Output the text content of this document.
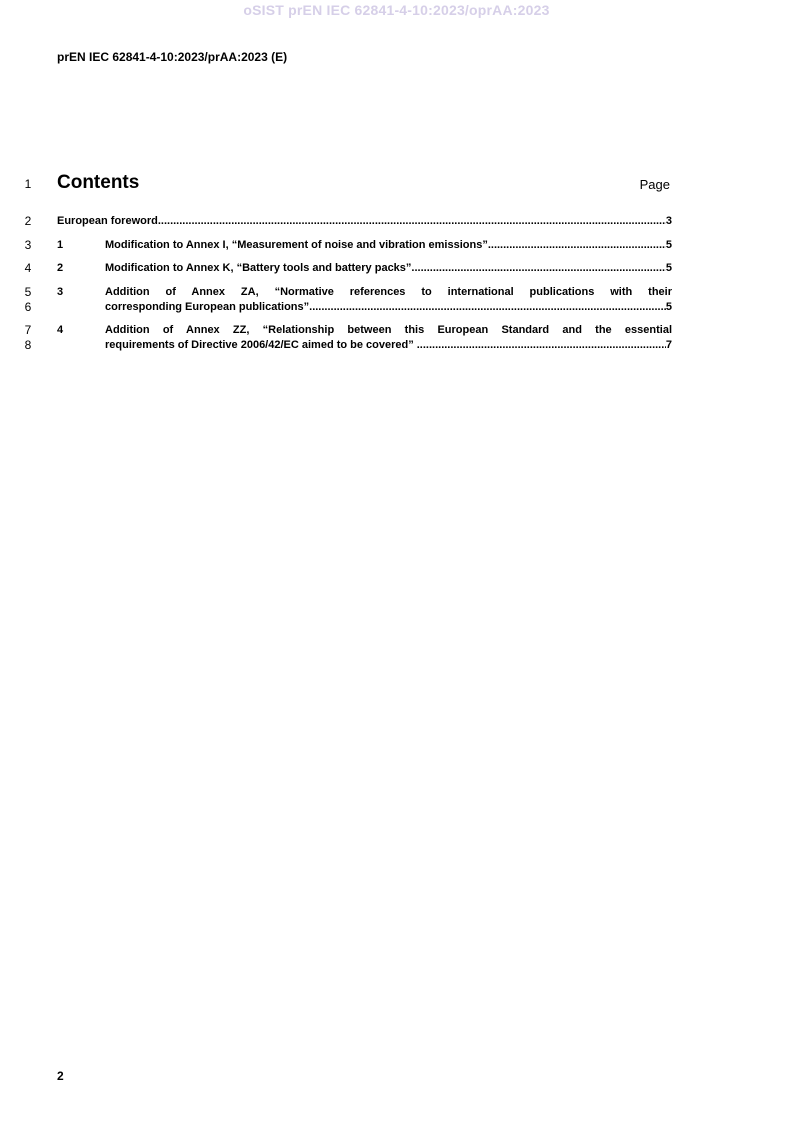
oSIST prEN IEC 62841-4-10:2023/oprAA:2023
prEN IEC 62841-4-10:2023/prAA:2023 (E)
1 Contents	Page
2	European foreword .....	3
3	1	Modification to Annex I, “Measurement of noise and vibration emissions” .....	5
4	2	Modification to Annex K, “Battery tools and battery packs” .....	5
5
6
3	Addition of Annex ZA, “Normative references to international publications with their
corresponding European publications” .....	5
7
8
4	Addition of Annex ZZ, “Relationship between this European Standard and the essential
requirements of Directive 2006/42/EC aimed to be covered” .....	7
2
